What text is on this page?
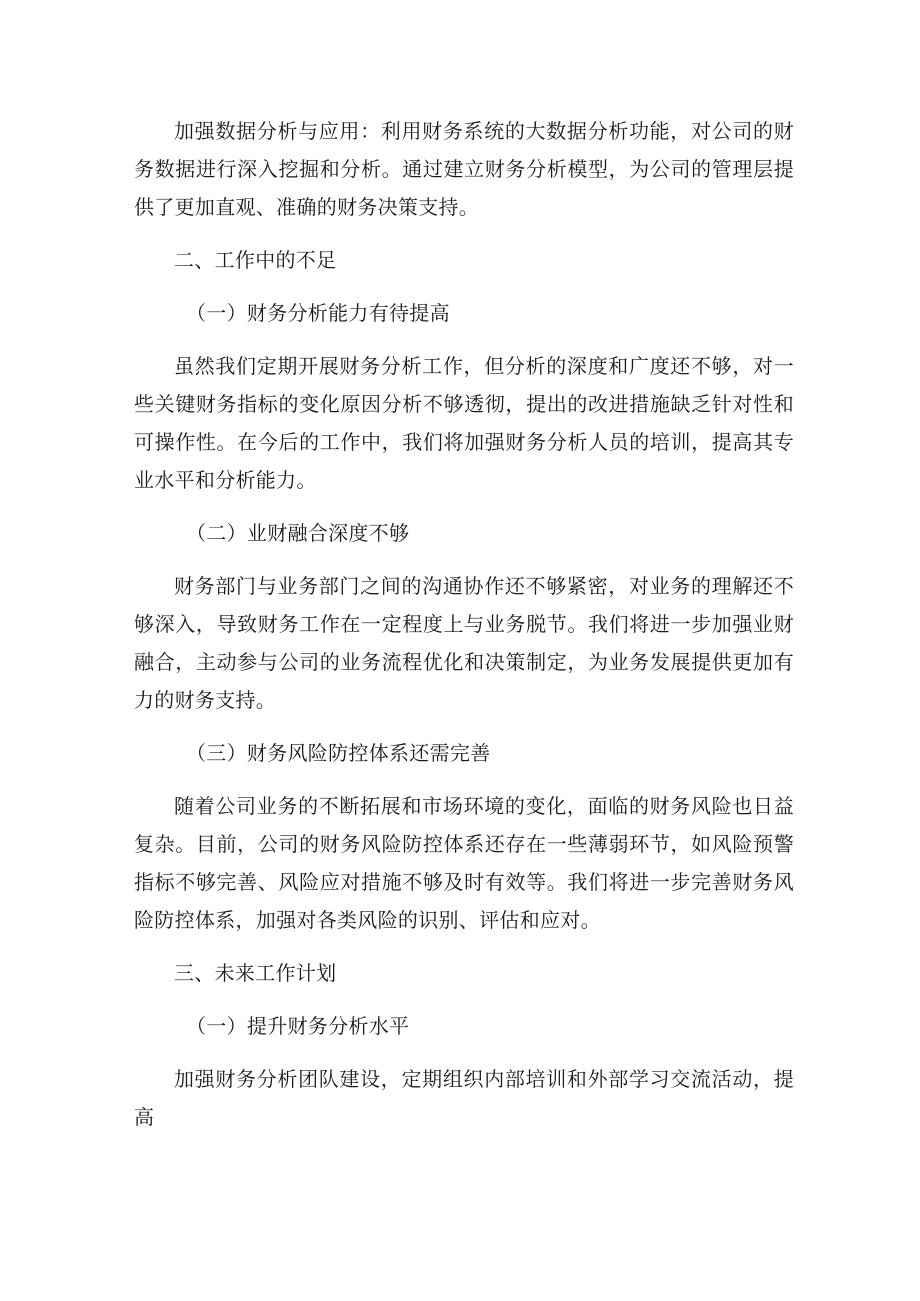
加强数据分析与应用：利用财务系统的大数据分析功能，对公司的财务数据进行深入挖掘和分析。通过建立财务分析模型，为公司的管理层提供了更加直观、准确的财务决策支持。

二、工作中的不足

（一）财务分析能力有待提高

虽然我们定期开展财务分析工作，但分析的深度和广度还不够，对一些关键财务指标的变化原因分析不够透彻，提出的改进措施缺乏针对性和可操作性。在今后的工作中，我们将加强财务分析人员的培训，提高其专业水平和分析能力。

（二）业财融合深度不够

财务部门与业务部门之间的沟通协作还不够紧密，对业务的理解还不够深入，导致财务工作在一定程度上与业务脱节。我们将进一步加强业财融合，主动参与公司的业务流程优化和决策制定，为业务发展提供更加有力的财务支持。

（三）财务风险防控体系还需完善

随着公司业务的不断拓展和市场环境的变化，面临的财务风险也日益复杂。目前，公司的财务风险防控体系还存在一些薄弱环节，如风险预警指标不够完善、风险应对措施不够及时有效等。我们将进一步完善财务风险防控体系，加强对各类风险的识别、评估和应对。

三、未来工作计划

（一）提升财务分析水平

加强财务分析团队建设，定期组织内部培训和外部学习交流活动，提高
